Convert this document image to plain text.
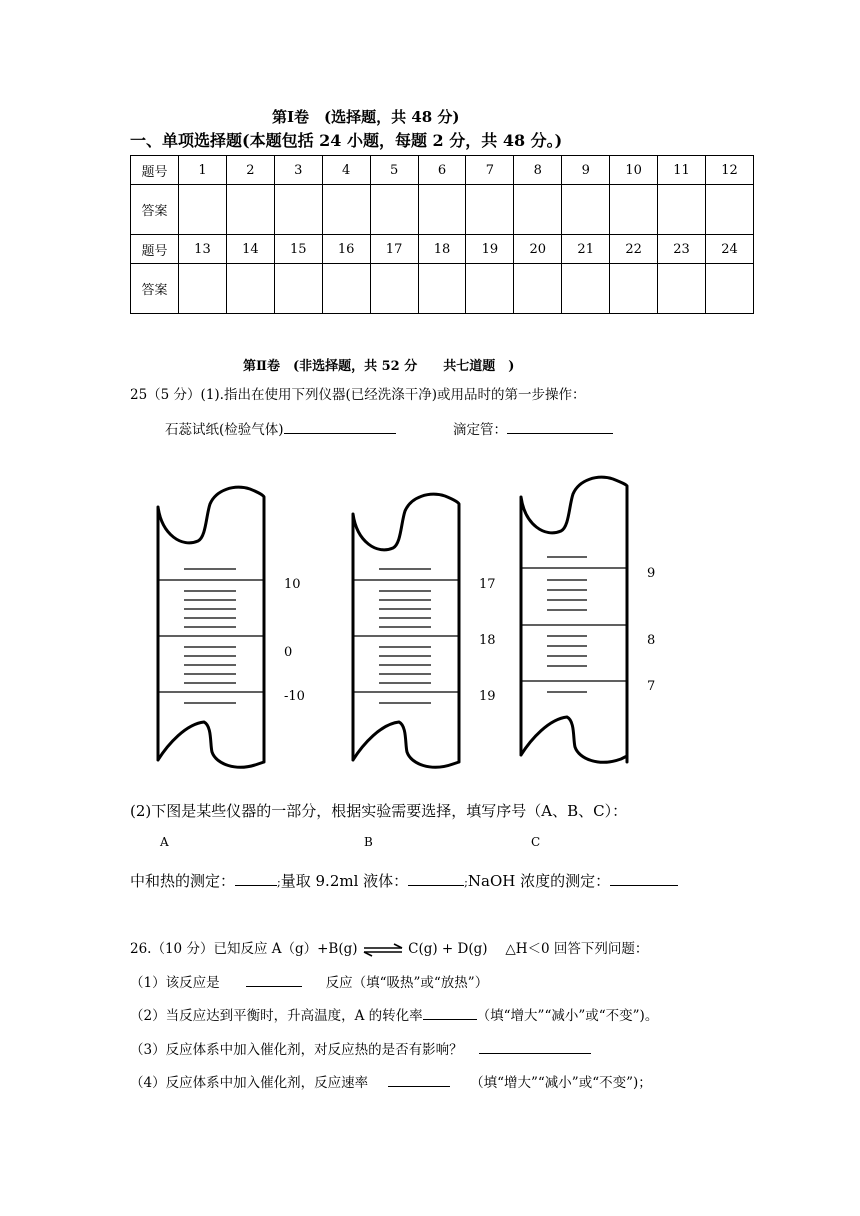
第Ⅰ卷　(选择题，共 48 分)
一、单项选择题(本题包括 24 小题，每题 2 分，共 48 分。)
题号	1	2	3	4	5	6	7	8	9	10	11	12
答案												
题号	13	14	15	16	17	18	19	20	21	22	23	24
答案												
第Ⅱ卷　(非选择题，共 52 分　　共七道题　)
25（5 分）(1).指出在使用下列仪器(已经洗涤干净)或用品时的第一步操作：
石蕊试纸(检验气体)	滴定管：
10
0
-10
17
18
19
9
8
7
(2)下图是某些仪器的一部分，根据实验需要选择，填写序号（A、B、C）：
A	B	C
中和热的测定：	;量取 9.2ml 液体：	;NaOH 浓度的测定：
26.（10 分）已知反应 A（g）+B(g) ⇌ C(g) + D(g)　 △H＜0 回答下列问题：
（1）该反应是	反应（填“吸热”或“放热”）
（2）当反应达到平衡时，升高温度，A 的转化率	（填“增大”“减小”或“不变”)。
（3）反应体系中加入催化剂，对反应热的是否有影响？
（4）反应体系中加入催化剂，反应速率	（填“增大”“减小”或“不变”)；
